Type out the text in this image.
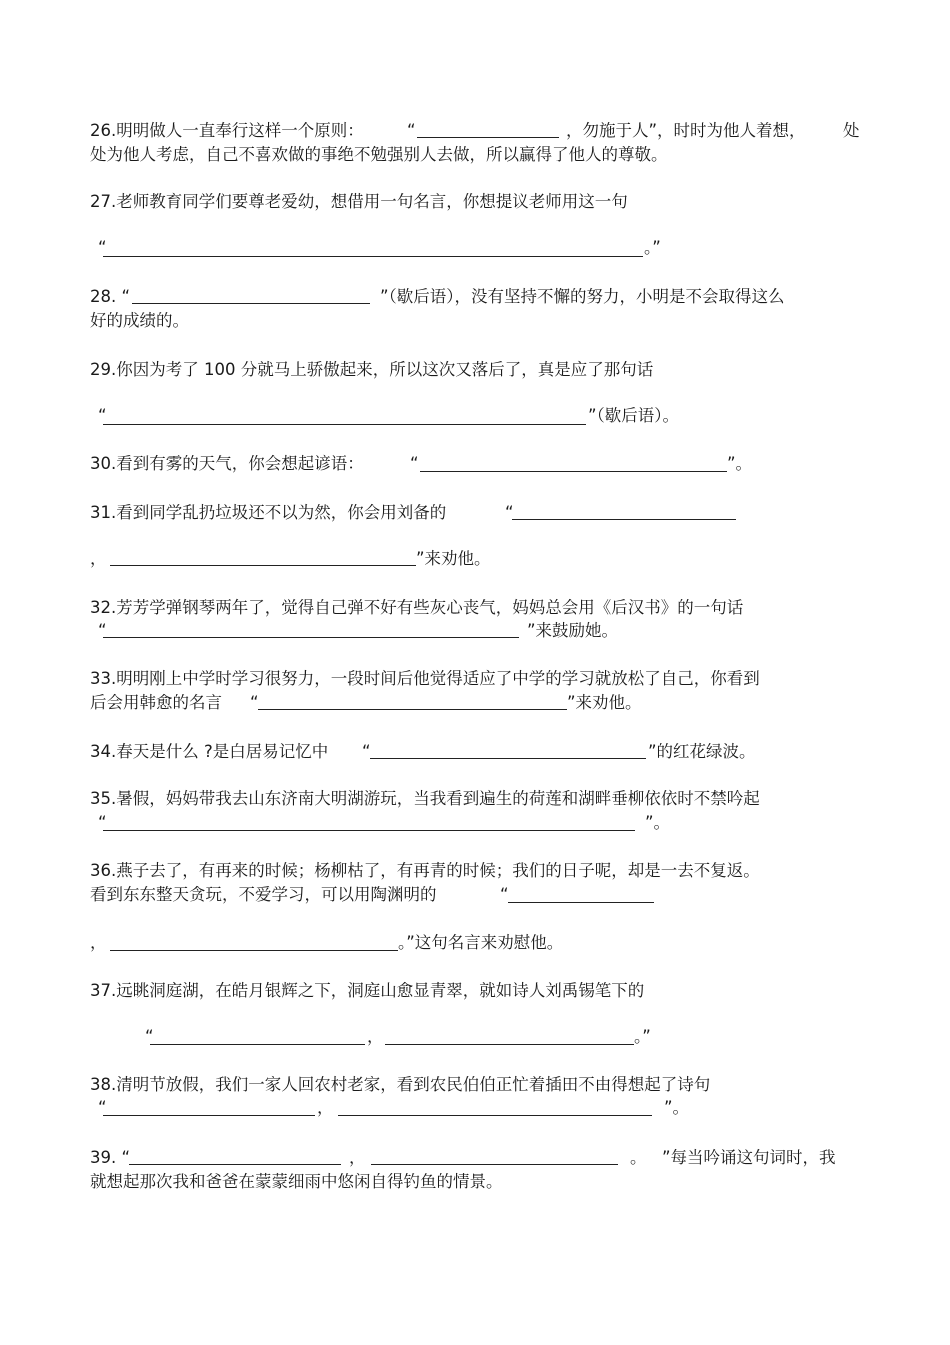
26.明明做人一直奉行这样一个原则：	“	，勿施于人”，时时为他人着想， 处
处为他人考虑，自己不喜欢做的事绝不勉强别人去做，所以赢得了他人的尊敬。
27.老师教育同学们要尊老爱幼，想借用一句名言，你想提议老师用这一句
“	。”
28. “	”（歇后语），没有坚持不懈的努力，小明是不会取得这么
好的成绩的。
29.你因为考了 100 分就马上骄傲起来，所以这次又落后了，真是应了那句话
“	”（歇后语）。
30.看到有雾的天气，你会想起谚语：	“	”。
31.看到同学乱扔垃圾还不以为然，你会用刘备的	“
，	”来劝他。
32.芳芳学弹钢琴两年了，觉得自己弹不好有些灰心丧气，妈妈总会用《后汉书》的一句话
“	”来鼓励她。
33.明明刚上中学时学习很努力，一段时间后他觉得适应了中学的学习就放松了自己，你看到
后会用韩愈的名言 “	”来劝他。
34.春天是什么 ?是白居易记忆中 “	”的红花绿波。
35.暑假，妈妈带我去山东济南大明湖游玩，当我看到遍生的荷莲和湖畔垂柳依依时不禁吟起
“	”。
36.燕子去了，有再来的时候；杨柳枯了，有再青的时候；我们的日子呢，却是一去不复返。
看到东东整天贪玩，不爱学习，可以用陶渊明的	“
，	。”这句名言来劝慰他。
37.远眺洞庭湖，在皓月银辉之下，洞庭山愈显青翠，就如诗人刘禹锡笔下的
“	，	。”
38.清明节放假，我们一家人回农村老家，看到农民伯伯正忙着插田不由得想起了诗句
“	，	”。
39. “	，	。 ”每当吟诵这句词时，我
就想起那次我和爸爸在蒙蒙细雨中悠闲自得钓鱼的情景。
